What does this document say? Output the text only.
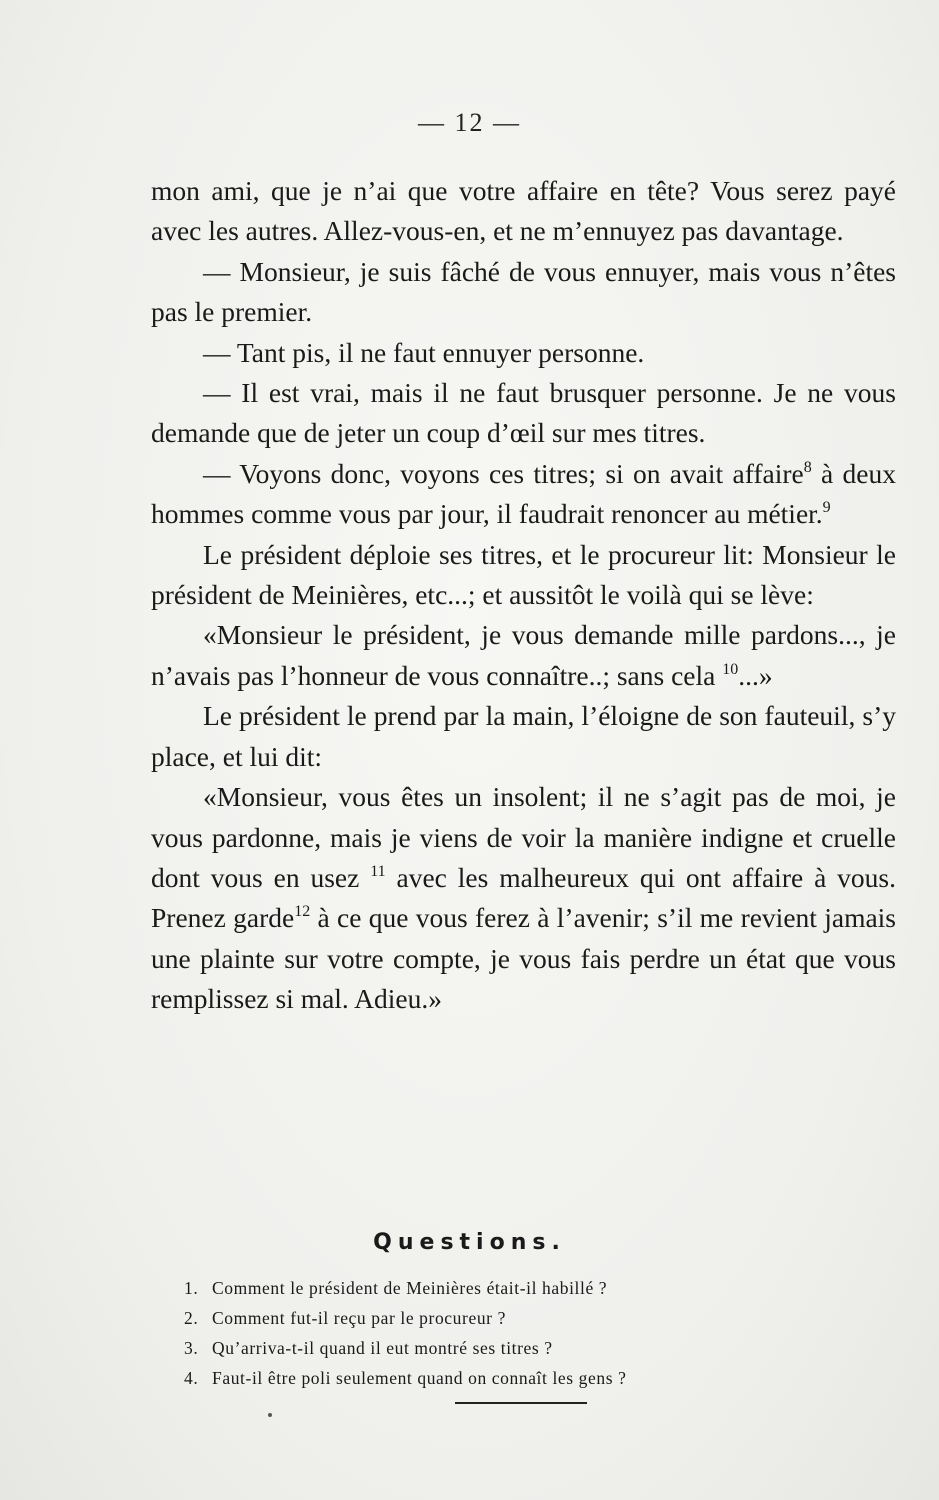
— 12 —

mon ami, que je n’ai que votre affaire en tête? Vous serez payé avec les autres. Allez-vous-en, et ne m’ennuyez pas davantage.

— Monsieur, je suis fâché de vous ennuyer, mais vous n’êtes pas le premier.

— Tant pis, il ne faut ennuyer personne.

— Il est vrai, mais il ne faut brusquer personne. Je ne vous demande que de jeter un coup d’œil sur mes titres.

— Voyons donc, voyons ces titres; si on avait affaire$^8$ à deux hommes comme vous par jour, il faudrait renoncer au métier.$^9$

Le président déploie ses titres, et le procureur lit: Monsieur le président de Meinières, etc...; et aussitôt le voilà qui se lève:

«Monsieur le président, je vous demande mille pardons..., je n’avais pas l’honneur de vous connaître..; sans cela $^{10}$...»

Le président le prend par la main, l’éloigne de son fauteuil, s’y place, et lui dit:

«Monsieur, vous êtes un insolent; il ne s’agit pas de moi, je vous pardonne, mais je viens de voir la manière indigne et cruelle dont vous en usez $^{11}$ avec les malheureux qui ont affaire à vous. Prenez garde$^{12}$ à ce que vous ferez à l’avenir; s’il me revient jamais une plainte sur votre compte, je vous fais perdre un état que vous remplissez si mal. Adieu.»

Questions.
1. Comment le président de Meinières était-il habillé ?
2. Comment fut-il reçu par le procureur ?
3. Qu’arriva-t-il quand il eut montré ses titres ?
4. Faut-il être poli seulement quand on connaît les gens ?
